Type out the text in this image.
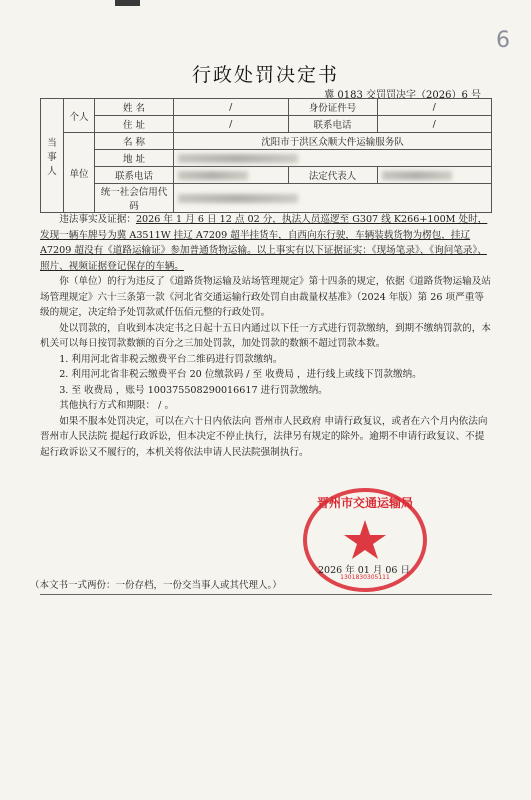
6
行政处罚决定书
冀 0183 交罚罚决字（2026）6 号
当事人	个人	姓 名	/	身份证件号	/
		住 址	/	联系电话	/
	单位	名 称	沈阳市于洪区众顺大件运输服务队		
		地 址			
		联系电话		法定代表人	
		统一社会信用代码			

违法事实及证据：2026 年 1 月 6 日 12 点 02 分，执法人员巡逻至 G307 线 K266+100M 处时，发现一辆车牌号为冀 A3511W 挂辽 A7209 超半挂货车，自西向东行驶，车辆装载货物为楞包，挂辽 A7209 超没有《道路运输证》参加普通货物运输。以上事实有以下证据证实：《现场笔录》、《询问笔录》、照片、视频证据登记保存的车辆。

你（单位）的行为违反了《道路货物运输及站场管理规定》第十四条的规定，依据《道路货物运输及站场管理规定》六十三条第一款《河北省交通运输行政处罚自由裁量权基准》（2024 年版）第 26 项严重等级的规定，决定给予处罚款贰仟伍佰元整的行政处罚。

处以罚款的，自收到本决定书之日起十五日内通过以下任一方式进行罚款缴纳，到期不缴纳罚款的，本机关可以每日按罚款数额的百分之三加处罚款，加处罚款的数额不超过罚款本数。

1. 利用河北省非税云缴费平台二维码进行罚款缴纳。

2. 利用河北省非税云缴费平台 20 位缴款码 / 至 收费局 ，进行线上或线下罚款缴纳。

3. 至 收费局 ，账号 100375508290016617 进行罚款缴纳。

其他执行方式和期限： / 。

如果不服本处罚决定，可以在六十日内依法向 晋州市人民政府 申请行政复议，或者在六个月内依法向 晋州市人民法院 提起行政诉讼，但本决定不停止执行，法律另有规定的除外。逾期不申请行政复议、不提起行政诉讼又不履行的，本机关将依法申请人民法院强制执行。

晋州市交通运输局
1301830305111
2026 年 01 月 06 日
（本文书一式两份：一份存档，一份交当事人或其代理人。）
